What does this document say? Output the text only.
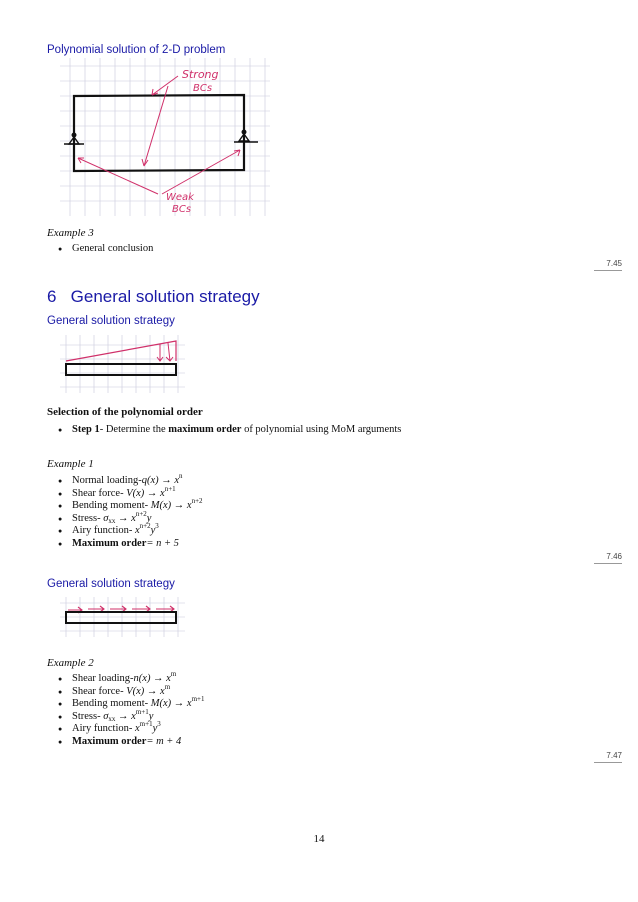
Polynomial solution of 2-D problem
Strong
BCs
Weak
BCs
Example 3
● General conclusion
7.45
6 General solution strategy
General solution strategy
Selection of the polynomial order
● Step 1- Determine the maximum order of polynomial using MoM arguments
Example 1
● Normal loading-q(x) → $x^n$
● Shear force- $V(x) \to x^{n+1}$
● Bending moment- $M(x) \to x^{n+2}$
● Stress- $\sigma_{xx} \to x^{n+2}y$
● Airy function- $x^{n+2}y^3$
● Maximum order= n + 5
7.46
General solution strategy
Example 2
● Shear loading-n(x) → $x^m$
● Shear force- $V(x) \to x^m$
● Bending moment- $M(x) \to x^{m+1}$
● Stress- $\sigma_{xx} \to x^{m+1}y$
● Airy function- $x^{m+1}y^3$
● Maximum order= m + 4
7.47
14
